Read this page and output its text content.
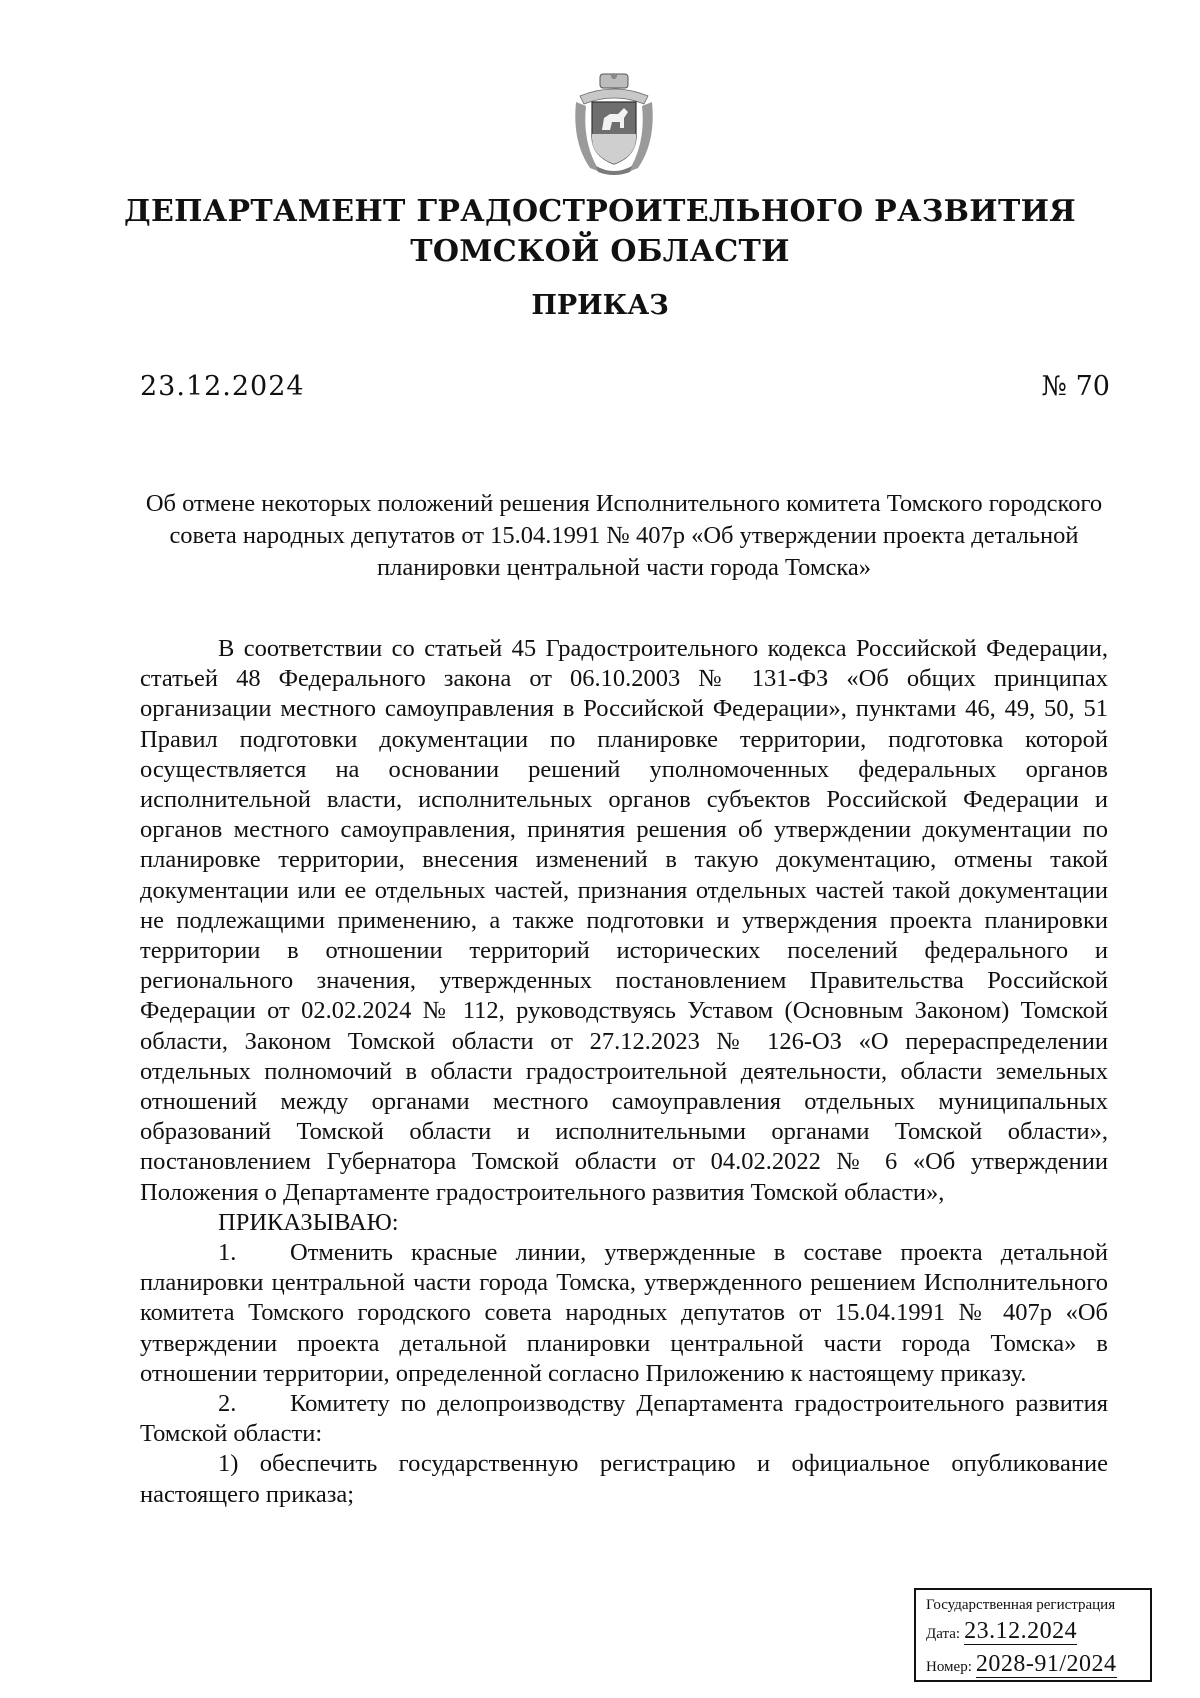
ДЕПАРТАМЕНТ ГРАДОСТРОИТЕЛЬНОГО РАЗВИТИЯ
ТОМСКОЙ ОБЛАСТИ
ПРИКАЗ
23.12.2024	№ 70
Об отмене некоторых положений решения Исполнительного комитета Томского городского совета народных депутатов от 15.04.1991 № 407р «Об утверждении проекта детальной планировки центральной части города Томска»

В соответствии со статьей 45 Градостроительного кодекса Российской Федерации, статьей 48 Федерального закона от 06.10.2003 № 131-ФЗ «Об общих принципах организации местного самоуправления в Российской Федерации», пунктами 46, 49, 50, 51 Правил подготовки документации по планировке территории, подготовка которой осуществляется на основании решений уполномоченных федеральных органов исполнительной власти, исполнительных органов субъектов Российской Федерации и органов местного самоуправления, принятия решения об утверждении документации по планировке территории, внесения изменений в такую документацию, отмены такой документации или ее отдельных частей, признания отдельных частей такой документации не подлежащими применению, а также подготовки и утверждения проекта планировки территории в отношении территорий исторических поселений федерального и регионального значения, утвержденных постановлением Правительства Российской Федерации от 02.02.2024 № 112, руководствуясь Уставом (Основным Законом) Томской области, Законом Томской области от 27.12.2023 № 126-ОЗ «О перераспределении отдельных полномочий в области градостроительной деятельности, области земельных отношений между органами местного самоуправления отдельных муниципальных образований Томской области и исполнительными органами Томской области», постановлением Губернатора Томской области от 04.02.2022 № 6 «Об утверждении Положения о Департаменте градостроительного развития Томской области»,

ПРИКАЗЫВАЮ:

1. Отменить красные линии, утвержденные в составе проекта детальной планировки центральной части города Томска, утвержденного решением Исполнительного комитета Томского городского совета народных депутатов от 15.04.1991 № 407р «Об утверждении проекта детальной планировки центральной части города Томска» в отношении территории, определенной согласно Приложению к настоящему приказу.

2. Комитету по делопроизводству Департамента градостроительного развития Томской области:

1) обеспечить государственную регистрацию и официальное опубликование настоящего приказа;

Государственная регистрация
Дата: 23.12.2024
Номер: 2028-91/2024
